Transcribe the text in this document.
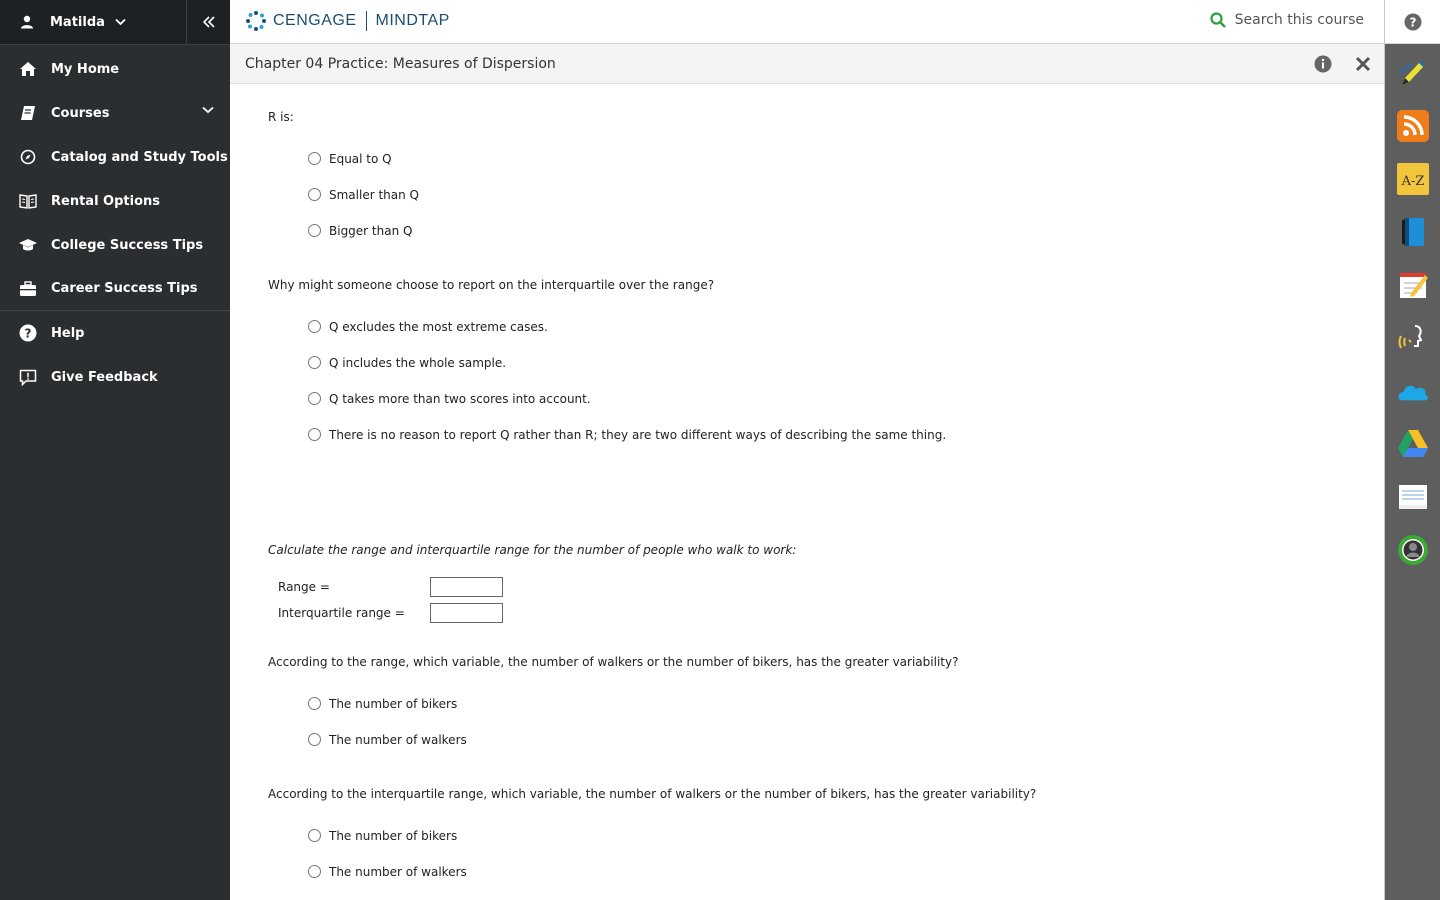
Matilda
My Home
Courses
Catalog and Study Tools
Rental Options
College Success Tips
Career Success Tips
? Help
Give Feedback
CENGAGE MINDTAP	Search this course	?
A-Z
Chapter 04 Practice: Measures of Dispersion
R is:
Equal to Q
Smaller than Q
Bigger than Q
Why might someone choose to report on the interquartile over the range?
Q excludes the most extreme cases.
Q includes the whole sample.
Q takes more than two scores into account.
There is no reason to report Q rather than R; they are two different ways of describing the same thing.
Calculate the range and interquartile range for the number of people who walk to work:
Range =
Interquartile range =
According to the range, which variable, the number of walkers or the number of bikers, has the greater variability?
The number of bikers
The number of walkers
According to the interquartile range, which variable, the number of walkers or the number of bikers, has the greater variability?
The number of bikers
The number of walkers
